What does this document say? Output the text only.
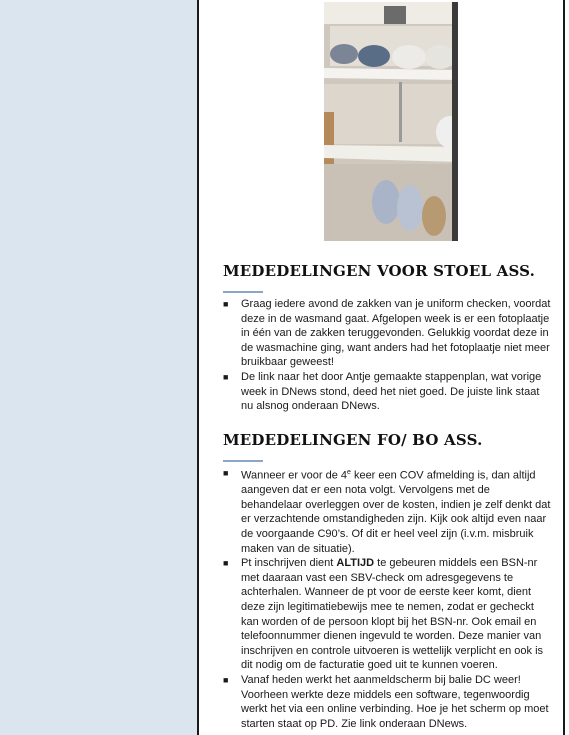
MEDEDELINGEN VOOR STOEL ASS.
■ Graag iedere avond de zakken van je uniform checken, voordat deze in de wasmand gaat. Afgelopen week is er een fotoplaatje in één van de zakken teruggevonden. Gelukkig voordat deze in de wasmachine ging, want anders had het fotoplaatje niet meer bruikbaar geweest!
■ De link naar het door Antje gemaakte stappenplan, wat vorige week in DNews stond, deed het niet goed. De juiste link staat nu alsnog onderaan DNews.
MEDEDELINGEN FO/ BO ASS.
■ Wanneer er voor de 4e keer een COV afmelding is, dan altijd aangeven dat er een nota volgt. Vervolgens met de behandelaar overleggen over de kosten, indien je zelf denkt dat er verzachtende omstandigheden zijn. Kijk ook altijd even naar de voorgaande C90’s. Of dit er heel veel zijn (i.v.m. misbruik maken van de situatie).
■ Pt inschrijven dient ALTIJD te gebeuren middels een BSN-nr met daaraan vast een SBV-check om adresgegevens te achterhalen. Wanneer de pt voor de eerste keer komt, dient deze zijn legitimatiebewijs mee te nemen, zodat er gecheckt kan worden of de persoon klopt bij het BSN-nr. Ook email en telefoonnummer dienen ingevuld te worden. Deze manier van inschrijven en controle uitvoeren is wettelijk verplicht en ook is dit nodig om de facturatie goed uit te kunnen voeren.
■ Vanaf heden werkt het aanmeldscherm bij balie DC weer! Voorheen werkte deze middels een software, tegenwoordig werkt het via een online verbinding. Hoe je het scherm op moet starten staat op PD. Zie link onderaan DNews.
